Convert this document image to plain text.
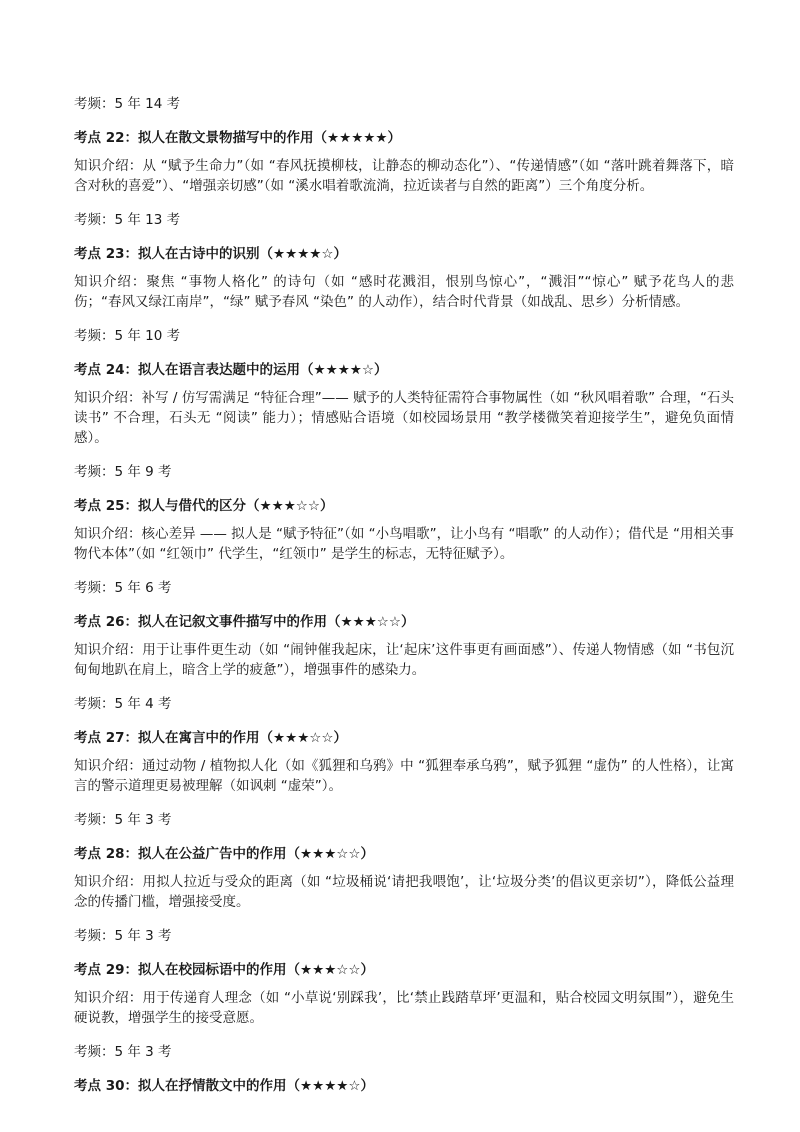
考频：5 年 14 考

考点 22：拟人在散文景物描写中的作用（★★★★★）

知识介绍：从 “赋予生命力”（如 “春风抚摸柳枝，让静态的柳动态化”）、“传递情感”（如 “落叶跳着舞落下，暗含对秋的喜爱”）、“增强亲切感”（如 “溪水唱着歌流淌，拉近读者与自然的距离”）三个角度分析。

考频：5 年 13 考

考点 23：拟人在古诗中的识别（★★★★☆）

知识介绍：聚焦 “事物人格化” 的诗句（如 “感时花溅泪，恨别鸟惊心”，“溅泪”“惊心” 赋予花鸟人的悲伤；“春风又绿江南岸”，“绿” 赋予春风 “染色” 的人动作），结合时代背景（如战乱、思乡）分析情感。

考频：5 年 10 考

考点 24：拟人在语言表达题中的运用（★★★★☆）

知识介绍：补写 / 仿写需满足 “特征合理”—— 赋予的人类特征需符合事物属性（如 “秋风唱着歌” 合理，“石头读书” 不合理，石头无 “阅读” 能力）；情感贴合语境（如校园场景用 “教学楼微笑着迎接学生”，避免负面情感）。

考频：5 年 9 考

考点 25：拟人与借代的区分（★★★☆☆）

知识介绍：核心差异 —— 拟人是 “赋予特征”（如 “小鸟唱歌”，让小鸟有 “唱歌” 的人动作）；借代是 “用相关事物代本体”（如 “红领巾” 代学生，“红领巾” 是学生的标志，无特征赋予）。

考频：5 年 6 考

考点 26：拟人在记叙文事件描写中的作用（★★★☆☆）

知识介绍：用于让事件更生动（如 “闹钟催我起床，让‘起床’这件事更有画面感”）、传递人物情感（如 “书包沉甸甸地趴在肩上，暗含上学的疲惫”），增强事件的感染力。

考频：5 年 4 考

考点 27：拟人在寓言中的作用（★★★☆☆）

知识介绍：通过动物 / 植物拟人化（如《狐狸和乌鸦》中 “狐狸奉承乌鸦”，赋予狐狸 “虚伪” 的人性格），让寓言的警示道理更易被理解（如讽刺 “虚荣”）。

考频：5 年 3 考

考点 28：拟人在公益广告中的作用（★★★☆☆）

知识介绍：用拟人拉近与受众的距离（如 “垃圾桶说‘请把我喂饱’，让‘垃圾分类’的倡议更亲切”），降低公益理念的传播门槛，增强接受度。

考频：5 年 3 考

考点 29：拟人在校园标语中的作用（★★★☆☆）

知识介绍：用于传递育人理念（如 “小草说‘别踩我’，比‘禁止践踏草坪’更温和，贴合校园文明氛围”），避免生硬说教，增强学生的接受意愿。

考频：5 年 3 考

考点 30：拟人在抒情散文中的作用（★★★★☆）
